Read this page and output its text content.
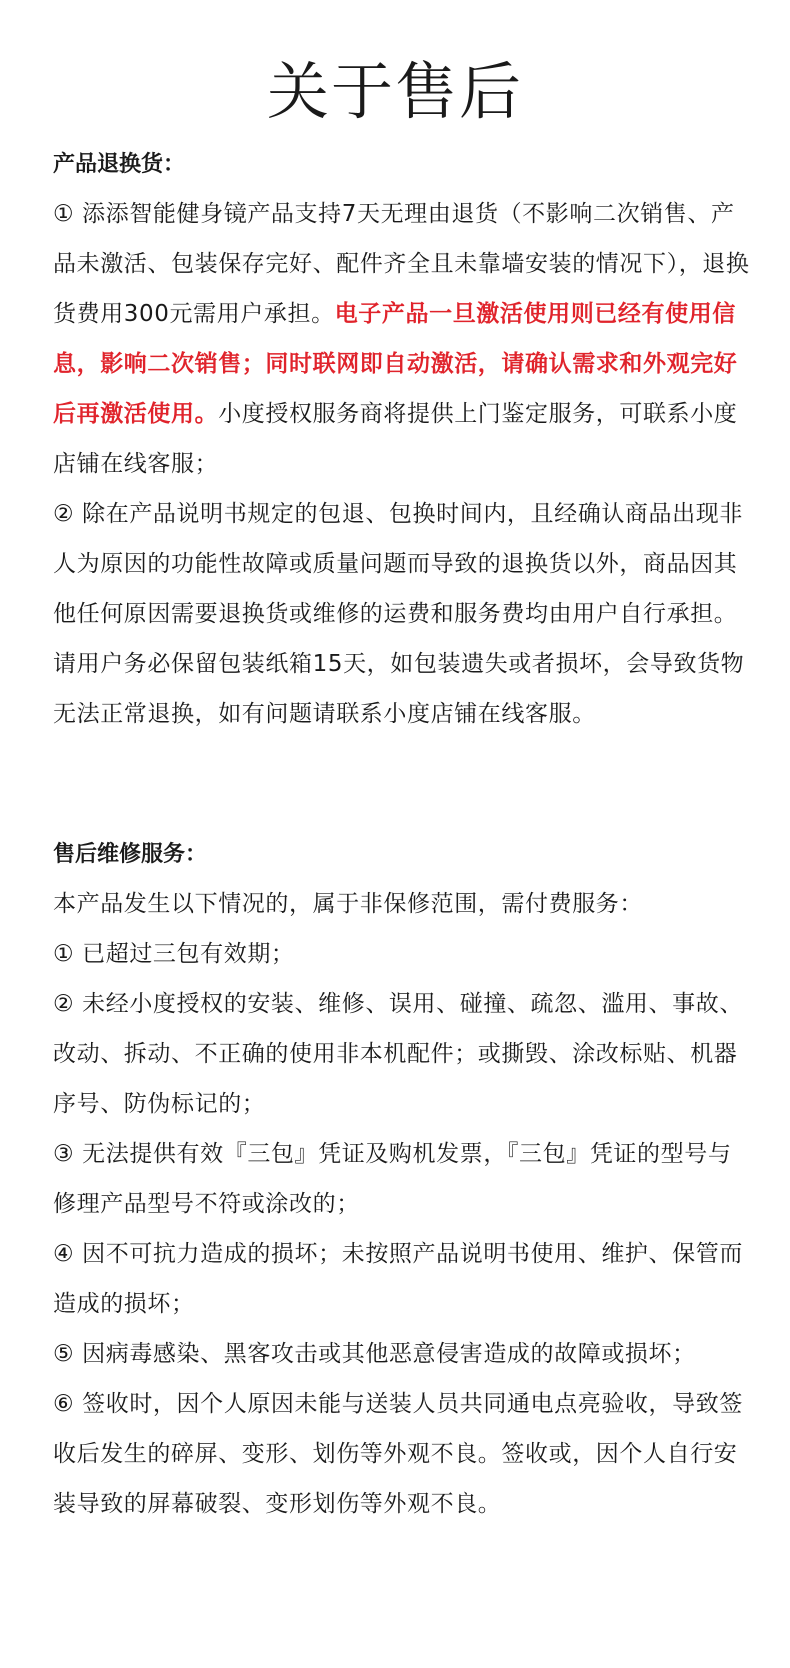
关于售后
产品退换货：

① 添添智能健身镜产品支持7天无理由退货（不影响二次销售、产品未激活、包装保存完好、配件齐全且未靠墙安装的情况下），退换货费用300元需用户承担。电子产品一旦激活使用则已经有使用信息，影响二次销售；同时联网即自动激活，请确认需求和外观完好后再激活使用。小度授权服务商将提供上门鉴定服务，可联系小度店铺在线客服；

② 除在产品说明书规定的包退、包换时间内，且经确认商品出现非人为原因的功能性故障或质量问题而导致的退换货以外，商品因其他任何原因需要退换货或维修的运费和服务费均由用户自行承担。请用户务必保留包装纸箱15天，如包装遗失或者损坏，会导致货物无法正常退换，如有问题请联系小度店铺在线客服。

售后维修服务：

本产品发生以下情况的，属于非保修范围，需付费服务：

① 已超过三包有效期；

② 未经小度授权的安装、维修、误用、碰撞、疏忽、滥用、事故、改动、拆动、不正确的使用非本机配件；或撕毁、涂改标贴、机器序号、防伪标记的；

③ 无法提供有效『三包』凭证及购机发票，『三包』凭证的型号与修理产品型号不符或涂改的；

④ 因不可抗力造成的损坏；未按照产品说明书使用、维护、保管而造成的损坏；

⑤ 因病毒感染、黑客攻击或其他恶意侵害造成的故障或损坏；

⑥ 签收时，因个人原因未能与送装人员共同通电点亮验收，导致签收后发生的碎屏、变形、划伤等外观不良。签收或，因个人自行安装导致的屏幕破裂、变形划伤等外观不良。
